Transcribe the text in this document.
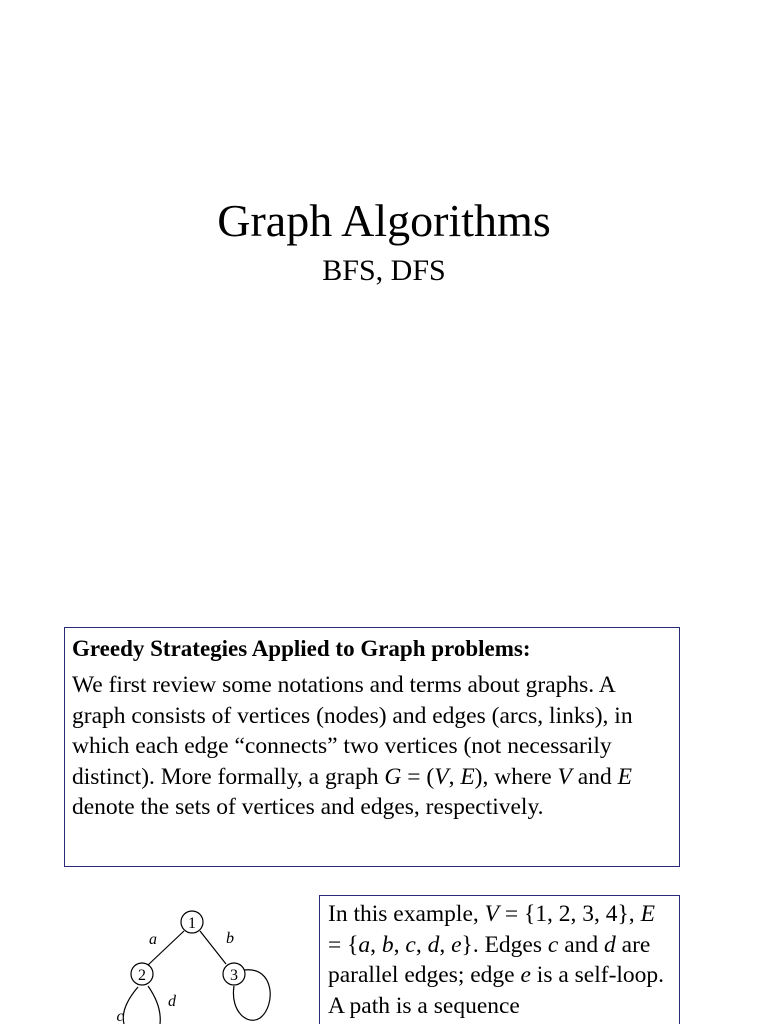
Graph Algorithms
BFS, DFS
Greedy Strategies Applied to Graph problems:

We first review some notations and terms about graphs. A graph consists of vertices (nodes) and edges (arcs, links), in which each edge “connects” two vertices (not necessarily distinct). More formally, a graph G = (V, E), where V and E denote the sets of vertices and edges, respectively.

1
2	3
a	b
c
d

In this example, V = {1, 2, 3, 4}, E = {a, b, c, d, e}. Edges c and d are parallel edges; edge e is a self-loop. A path is a sequence
